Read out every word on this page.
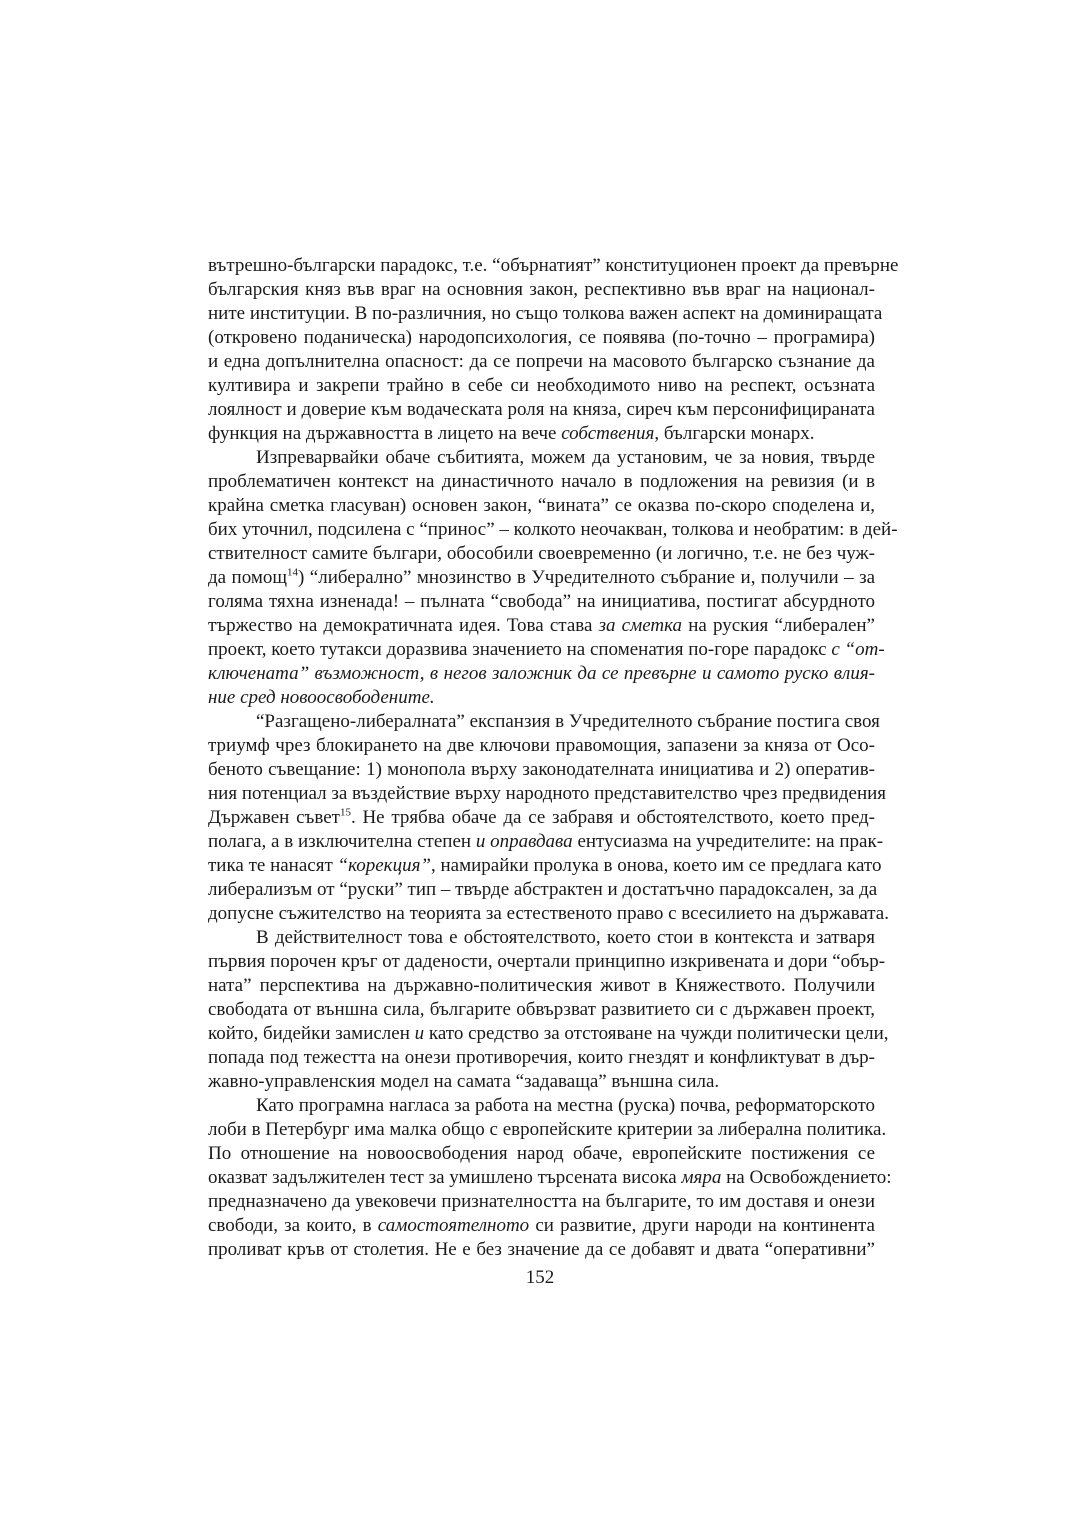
вътрешно-български парадокс, т.е. “обърнатият” конституционен проект да превърне
българския княз във враг на основния закон, респективно във враг на национал-
ните институции. В по-различния, но също толкова важен аспект на доминиращата
(откровено поданическа) народопсихология, се появява (по-точно – програмира)
и една допълнителна опасност: да се попречи на масовото българско съзнание да
култивира и закрепи трайно в себе си необходимото ниво на респект, осъзната
лоялност и доверие към водаческата роля на княза, сиреч към персонифицираната
функция на държавността в лицето на вече собствения, български монарх.
Изпреварвайки обаче събитията, можем да установим, че за новия, твърде
проблематичен контекст на династичното начало в подложения на ревизия (и в
крайна сметка гласуван) основен закон, “вината” се оказва по-скоро споделена и,
бих уточнил, подсилена с “принос” – колкото неочакван, толкова и необратим: в дей-
ствителност самите българи, обособили своевременно (и логично, т.е. не без чуж-
да помощ$^{14}$) “либерално” мнозинство в Учредителното събрание и, получили – за
голяма тяхна изненада! – пълната “свобода” на инициатива, постигат абсурдното
тържество на демократичната идея. Това става за сметка на руския “либерален”
проект, което тутакси доразвива значението на споменатия по-горе парадокс с “от-
ключената” възможност, в негов заложник да се превърне и самото руско влия-
ние сред новоосвободените.
“Разгащено-либералната” експанзия в Учредителното събрание постига своя
триумф чрез блокирането на две ключови правомощия, запазени за княза от Осо-
беното съвещание: 1) монопола върху законодателната инициатива и 2) оператив-
ния потенциал за въздействие върху народното представителство чрез предвидения
Държавен съвет$^{15}$. Не трябва обаче да се забравя и обстоятелството, което пред-
полага, а в изключителна степен и оправдава ентусиазма на учредителите: на прак-
тика те нанасят “корекция”, намирайки пролука в онова, което им се предлага като
либерализъм от “руски” тип – твърде абстрактен и достатъчно парадоксален, за да
допусне съжителство на теорията за естественото право с всесилието на държавата.
В действителност това е обстоятелството, което стои в контекста и затваря
първия порочен кръг от дадености, очертали принципно изкривената и дори “обър-
ната” перспектива на държавно-политическия живот в Княжеството. Получили
свободата от външна сила, българите обвързват развитието си с държавен проект,
който, бидейки замислен и като средство за отстояване на чужди политически цели,
попада под тежестта на онези противоречия, които гнездят и конфликтуват в дър-
жавно-управленския модел на самата “задаваща” външна сила.
Като програмна нагласа за работа на местна (руска) почва, реформаторското
лоби в Петербург има малка общо с европейските критерии за либерална политика.
По отношение на новоосвободения народ обаче, европейските постижения се
оказват задължителен тест за умишлено търсената висока мяра на Освобождението:
предназначено да увековечи признателността на българите, то им доставя и онези
свободи, за които, в самостоятелното си развитие, други народи на континента
проливат кръв от столетия. Не е без значение да се добавят и двата “оперативни”
152
